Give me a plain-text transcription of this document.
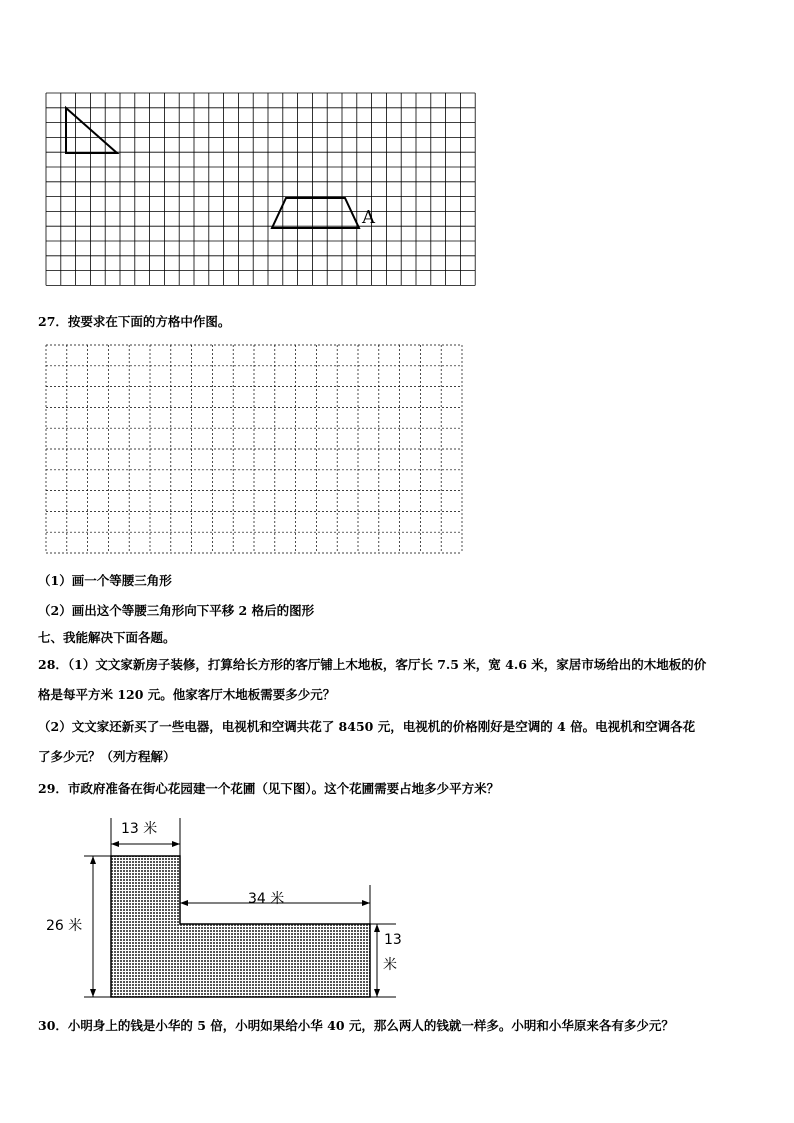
A
27．按要求在下面的方格中作图。
（1）画一个等腰三角形
（2）画出这个等腰三角形向下平移 2 格后的图形
七、我能解决下面各题。
28．（1）文文家新房子装修，打算给长方形的客厅铺上木地板，客厅长 7.5 米，宽 4.6 米，家居市场给出的木地板的价
格是每平方米 120 元。他家客厅木地板需要多少元？
（2）文文家还新买了一些电器，电视机和空调共花了 8450 元，电视机的价格刚好是空调的 4 倍。电视机和空调各花
了多少元？（列方程解）
29．市政府准备在街心花园建一个花圃（见下图）。这个花圃需要占地多少平方米？
13 米
34 米
26 米
13
米
30．小明身上的钱是小华的 5 倍，小明如果给小华 40 元，那么两人的钱就一样多。小明和小华原来各有多少元？
